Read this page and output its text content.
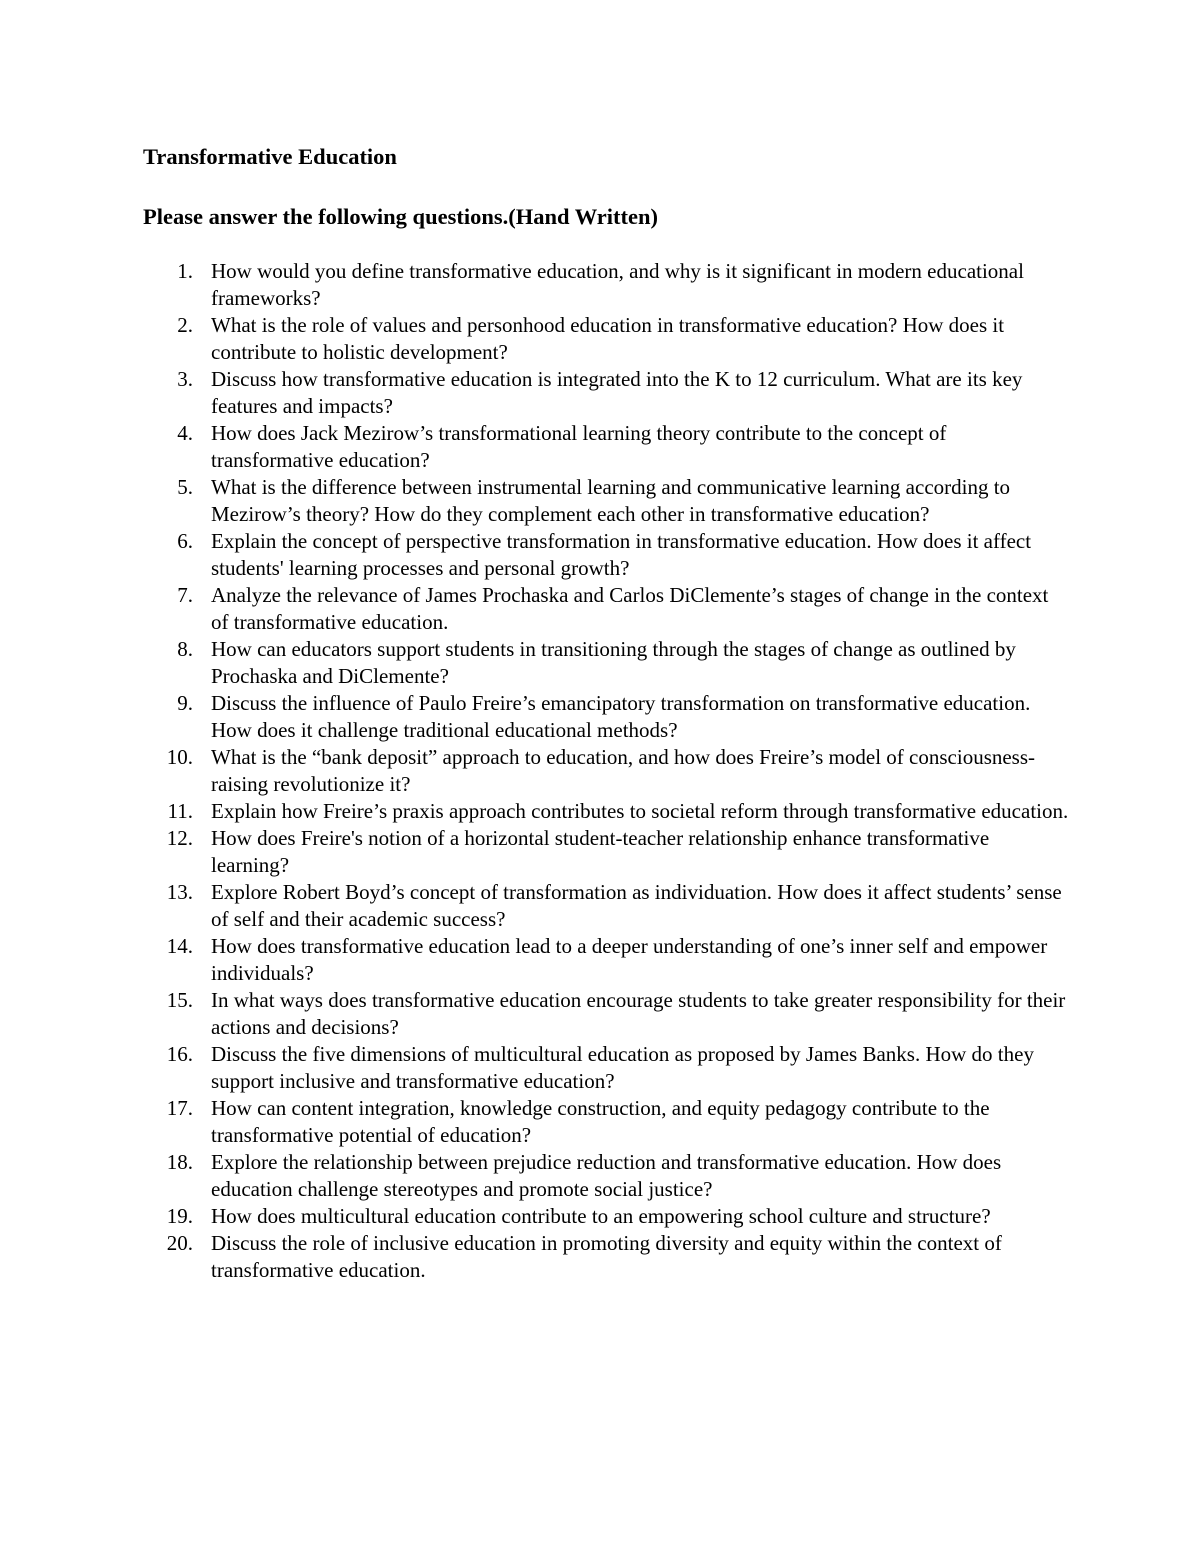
Transformative Education
Please answer the following questions.(Hand Written)
1. How would you define transformative education, and why is it significant in modern educational frameworks?
2. What is the role of values and personhood education in transformative education? How does it contribute to holistic development?
3. Discuss how transformative education is integrated into the K to 12 curriculum. What are its key features and impacts?
4. How does Jack Mezirow’s transformational learning theory contribute to the concept of transformative education?
5. What is the difference between instrumental learning and communicative learning according to Mezirow’s theory? How do they complement each other in transformative education?
6. Explain the concept of perspective transformation in transformative education. How does it affect students' learning processes and personal growth?
7. Analyze the relevance of James Prochaska and Carlos DiClemente’s stages of change in the context of transformative education.
8. How can educators support students in transitioning through the stages of change as outlined by Prochaska and DiClemente?
9. Discuss the influence of Paulo Freire’s emancipatory transformation on transformative education. How does it challenge traditional educational methods?
10. What is the “bank deposit” approach to education, and how does Freire’s model of consciousness-raising revolutionize it?
11. Explain how Freire’s praxis approach contributes to societal reform through transformative education.
12. How does Freire's notion of a horizontal student-teacher relationship enhance transformative learning?
13. Explore Robert Boyd’s concept of transformation as individuation. How does it affect students’ sense of self and their academic success?
14. How does transformative education lead to a deeper understanding of one’s inner self and empower individuals?
15. In what ways does transformative education encourage students to take greater responsibility for their actions and decisions?
16. Discuss the five dimensions of multicultural education as proposed by James Banks. How do they support inclusive and transformative education?
17. How can content integration, knowledge construction, and equity pedagogy contribute to the transformative potential of education?
18. Explore the relationship between prejudice reduction and transformative education. How does education challenge stereotypes and promote social justice?
19. How does multicultural education contribute to an empowering school culture and structure?
20. Discuss the role of inclusive education in promoting diversity and equity within the context of transformative education.
